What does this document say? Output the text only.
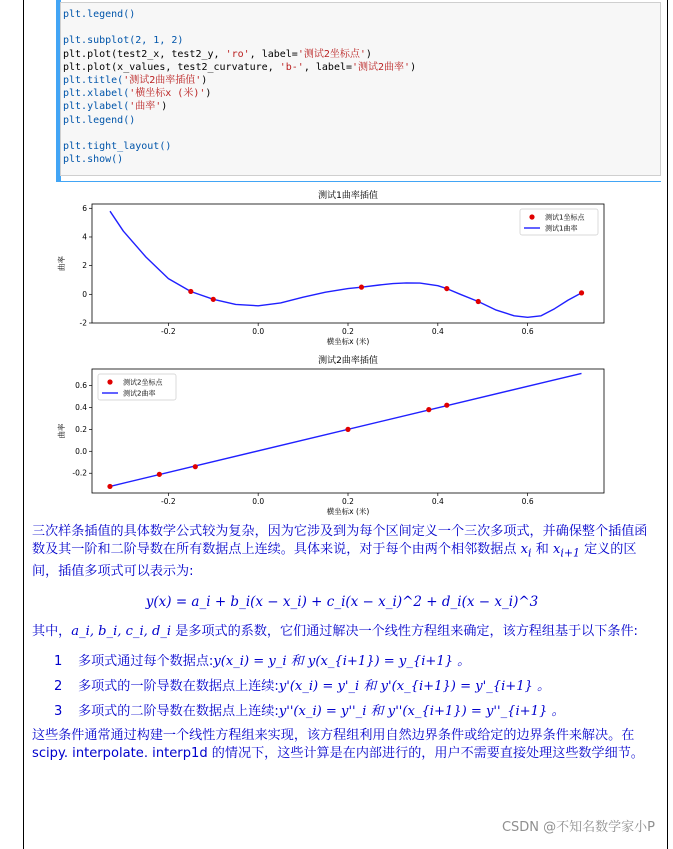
plt.legend()
plt.subplot(2, 1, 2)
plt.plot(test2_x, test2_y, 'ro', label='测试2坐标点')
plt.plot(x_values, test2_curvature, 'b-', label='测试2曲率')
plt.title('测试2曲率插值')
plt.xlabel('横坐标x (米)')
plt.ylabel('曲率')
plt.legend()
plt.tight_layout()
plt.show()
测试1曲率插值
-0.2	0.0	0.2	0.4	0.6
-2
0
2
4
6
横坐标x (米)
曲率
测试1坐标点
测试1曲率
测试2曲率插值
-0.2	0.0	0.2	0.4	0.6
-0.2
0.0
0.2
0.4
0.6
横坐标x (米)
曲率
测试2坐标点
测试2曲率

三次样条插值的具体数学公式较为复杂，因为它涉及到为每个区间定义一个三次多项式，并确保整个插值函数及其一阶和二阶导数在所有数据点上连续。具体来说，对于每个由两个相邻数据点 $x_i$ 和 $x_{i+1}$ 定义的区间，插值多项式可以表示为:

y(x) = a_i + b_i(x − x_i) + c_i(x − x_i)^2 + d_i(x − x_i)^3

其中，a_i, b_i, c_i, d_i 是多项式的系数，它们通过解决一个线性方程组来确定，该方程组基于以下条件:

1	多项式通过每个数据点: y(x_i) = y_i 和 y(x_{i+1}) = y_{i+1} 。
2	多项式的一阶导数在数据点上连续: y'(x_i) = y'_i 和 y'(x_{i+1}) = y'_{i+1} 。
3	多项式的二阶导数在数据点上连续: y''(x_i) = y''_i 和 y''(x_{i+1}) = y''_{i+1} 。

这些条件通常通过构建一个线性方程组来实现，该方程组利用自然边界条件或给定的边界条件来解决。在 scipy. interpolate. interp1d 的情况下，这些计算是在内部进行的，用户不需要直接处理这些数学细节。

CSDN @不知名数学家小P
